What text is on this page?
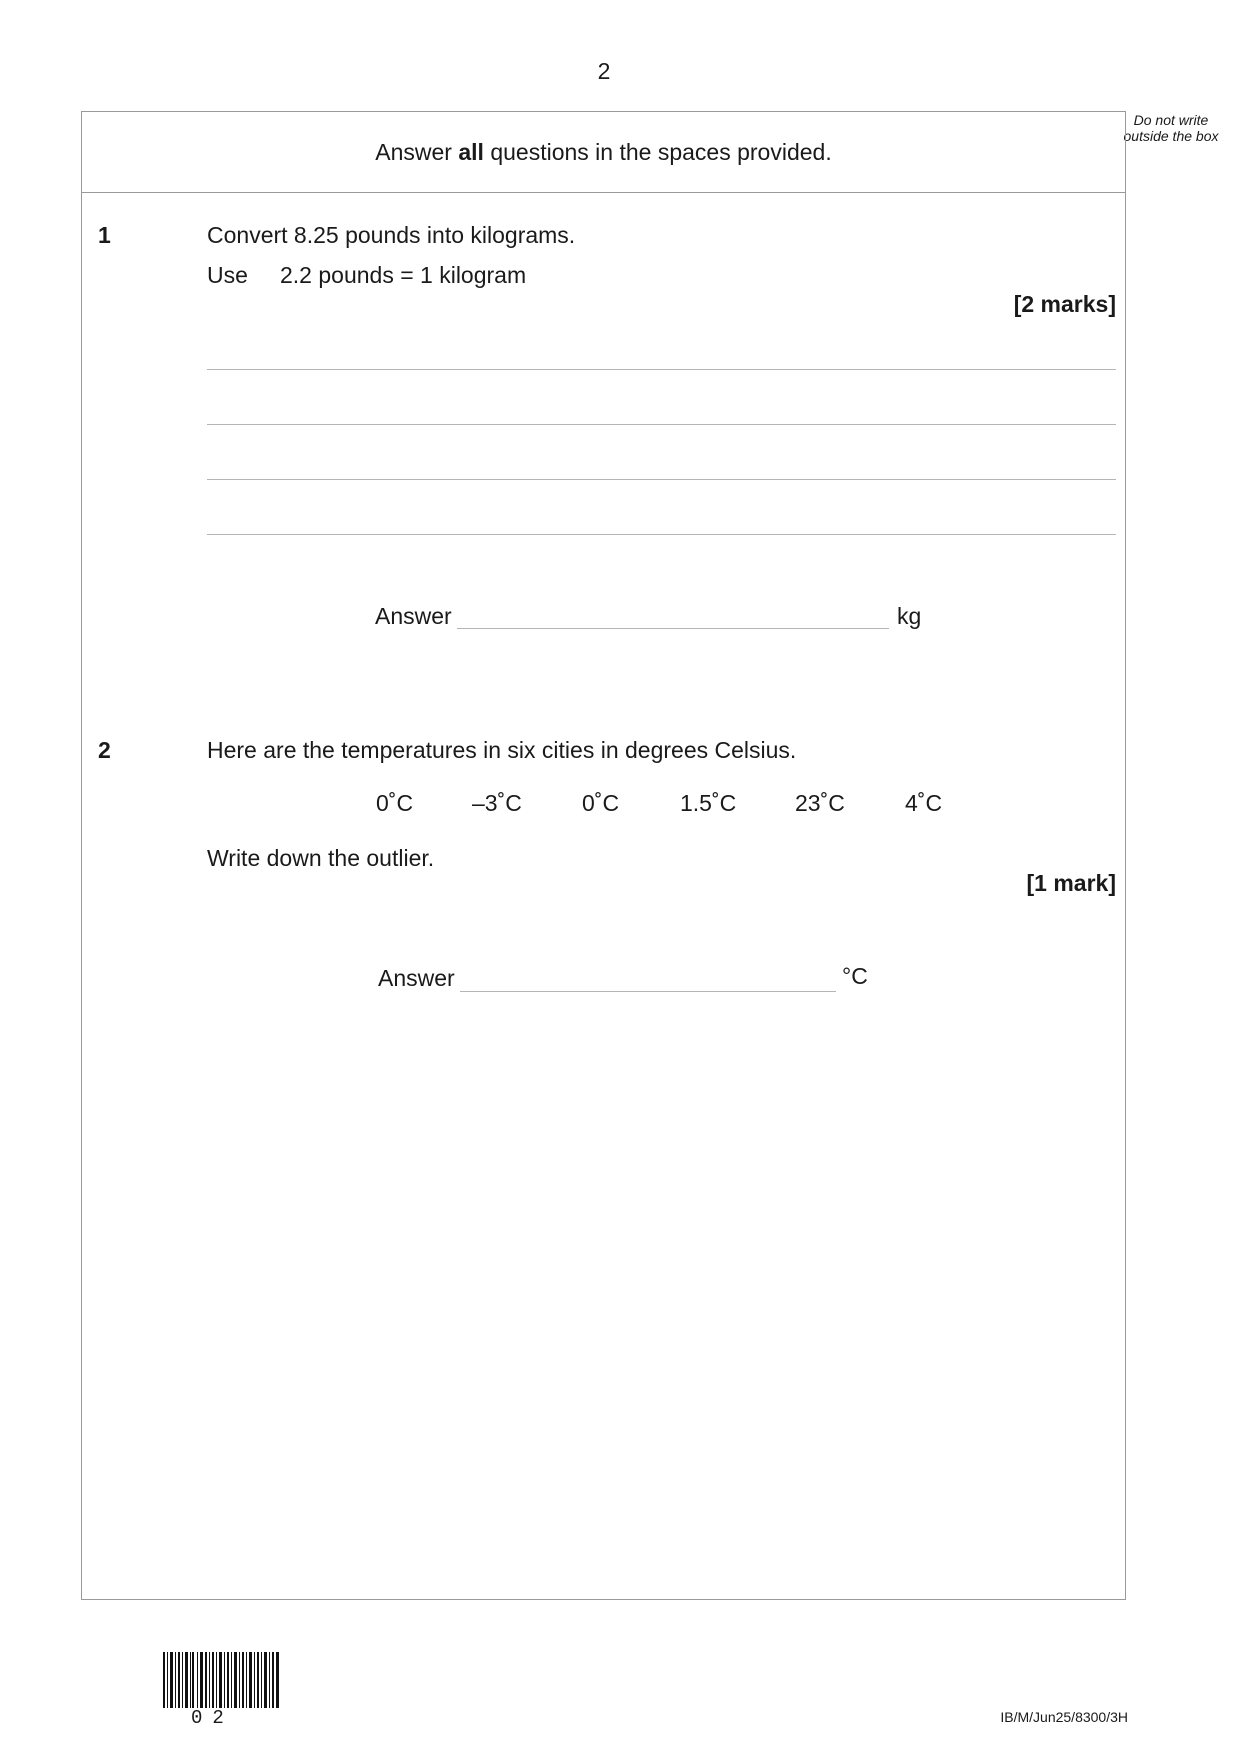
2
Do not write outside the box
Answer all questions in the spaces provided.
1	Convert 8.25 pounds into kilograms.
Use 2.2 pounds = 1 kilogram
[2 marks]
Answer	kg
2	Here are the temperatures in six cities in degrees Celsius.
0˚C	–3˚C	0˚C	1.5˚C	23˚C	4˚C
Write down the outlier.
[1 mark]
Answer	°C
02	IB/M/Jun25/8300/3H
